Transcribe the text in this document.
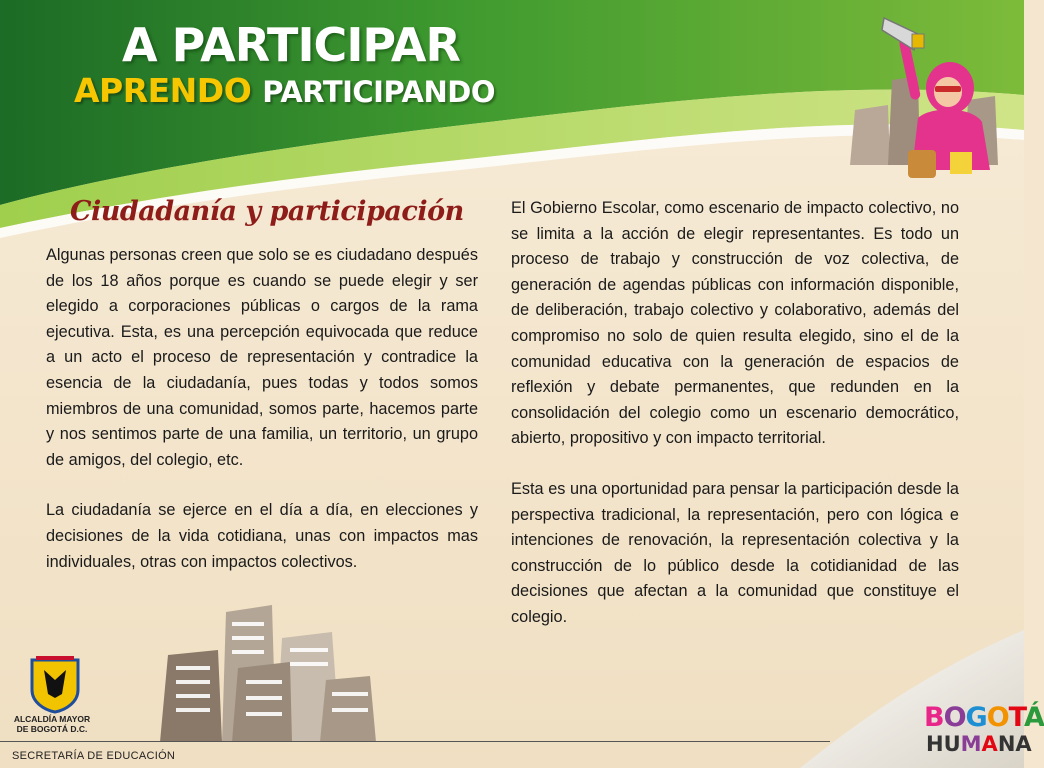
A PARTICIPAR
APRENDO PARTICIPANDO
Ciudadanía y participación

Algunas personas creen que solo se es ciudadano después de los 18 años porque es cuando se puede elegir y ser elegido a corporaciones públicas o cargos de la rama ejecutiva. Esta, es una percepción equivocada que reduce a un acto el proceso de representación y contradice la esencia de la ciudadanía, pues todas y todos somos miembros de una comunidad, somos parte, hacemos parte y nos sentimos parte de una familia, un territorio, un grupo de amigos, del colegio, etc.

La ciudadanía se ejerce en el día a día, en elecciones y decisiones de la vida cotidiana, unas con impactos mas individuales, otras con impactos colectivos.

El Gobierno Escolar, como escenario de impacto colectivo, no se limita a la acción de elegir representantes. Es todo un proceso de trabajo y construcción de voz colectiva, de generación de agendas públicas con información disponible, de deliberación, trabajo colectivo y colaborativo, además del compromiso no solo de quien resulta elegido, sino el de la comunidad educativa con la generación de espacios de reflexión y debate permanentes, que redunden en la consolidación del colegio como un escenario democrático, abierto, propositivo y con impacto territorial.

Esta es una oportunidad para pensar la participación desde la perspectiva tradicional, la representación, pero con lógica e intenciones de renovación, la representación colectiva y la construcción de lo público desde la cotidianidad de las decisiones que afectan a la comunidad que constituye el colegio.

ALCALDÍA MAYOR
DE BOGOTÁ D.C.

SECRETARÍA DE EDUCACIÓN

BOGOTÁ

HUMANA
